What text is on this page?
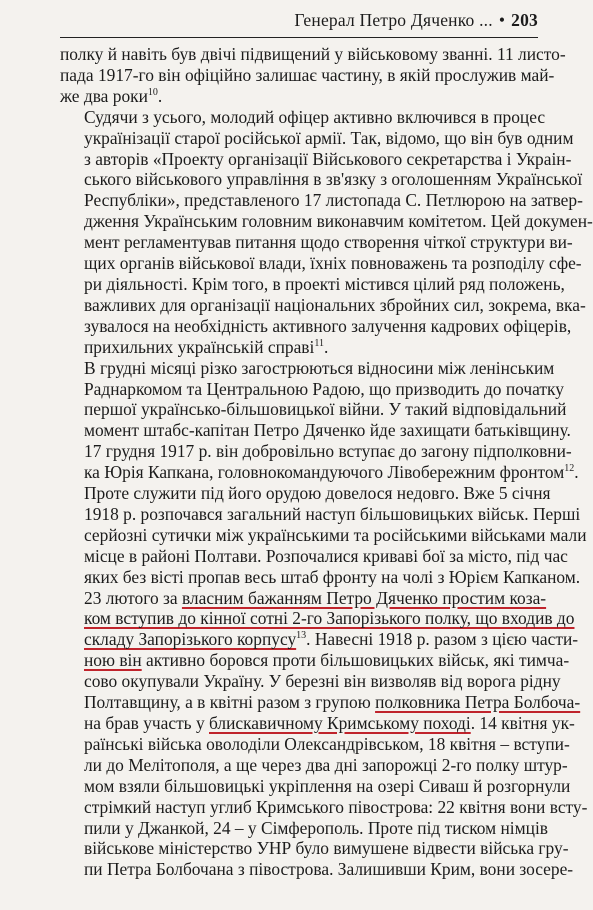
Генерал Петро Дяченко ... • 203

полку й навіть був двічі підвищений у військовому званні. 11 листо-
пада 1917-го він офіційно залишає частину, в якій прослужив май-
же два роки$^{10}$.

Судячи з усього, молодий офіцер активно включився в процес
українізації старої російської армії. Так, відомо, що він був одним
з авторів «Проекту організації Військового секретарства і Украін-
ського військового управління в зв'язку з оголошенням Української
Республіки», представленого 17 листопада С. Петлюрою на затвер-
дження Українським головним виконавчим комітетом. Цей докумен-
мент регламентував питання щодо створення чіткої структури ви-
щих органів військової влади, їхніх повноважень та розподілу сфе-
ри діяльності. Крім того, в проекті містився цілий ряд положень,
важливих для організації національних збройних сил, зокрема, вка-
зувалося на необхідність активного залучення кадрових офіцерів,
прихильних українській справі$^{11}$.

В грудні місяці різко загострюються відносини між ленінським
Раднаркомом та Центральною Радою, що призводить до початку
першої українсько-більшовицької війни. У такий відповідальний
момент штабс-капітан Петро Дяченко йде захищати батьківщину.
17 грудня 1917 р. він добровільно вступає до загону підполковни-
ка Юрія Капкана, головнокомандуючого Лівобережним фронтом$^{12}$.
Проте служити під його орудою довелося недовго. Вже 5 січня
1918 р. розпочався загальний наступ більшовицьких військ. Перші
серйозні сутички між українськими та російськими військами мали
місце в районі Полтави. Розпочалися криваві бої за місто, під час
яких без вісті пропав весь штаб фронту на чолі з Юрієм Капканом.

23 лютого за власним бажанням Петро Дяченко простим коза-
ком вступив до кінної сотні 2-го Запорізького полку, що входив до
складу Запорізького корпусу$^{13}$. Навесні 1918 р. разом з цією части-
ною він активно боровся проти більшовицьких військ, які тимча-
сово окупували Україну. У березні він визволяв від ворога рідну
Полтавщину, а в квітні разом з групою полковника Петра Болбоча-
на брав участь у блискавичному Кримському поході. 14 квітня ук-
раїнські війська оволоділи Олександрівськом, 18 квітня – вступи-
ли до Мелітополя, а ще через два дні запорожці 2-го полку штур-
мом взяли більшовицькі укріплення на озері Сиваш й розгорнули
стрімкий наступ углиб Кримського півострова: 22 квітня вони всту-
пили у Джанкой, 24 – у Сімферополь. Проте під тиском німців
військове міністерство УНР було вимушене відвести війська гру-
пи Петра Болбочана з півострова. Залишивши Крим, вони зосере-
